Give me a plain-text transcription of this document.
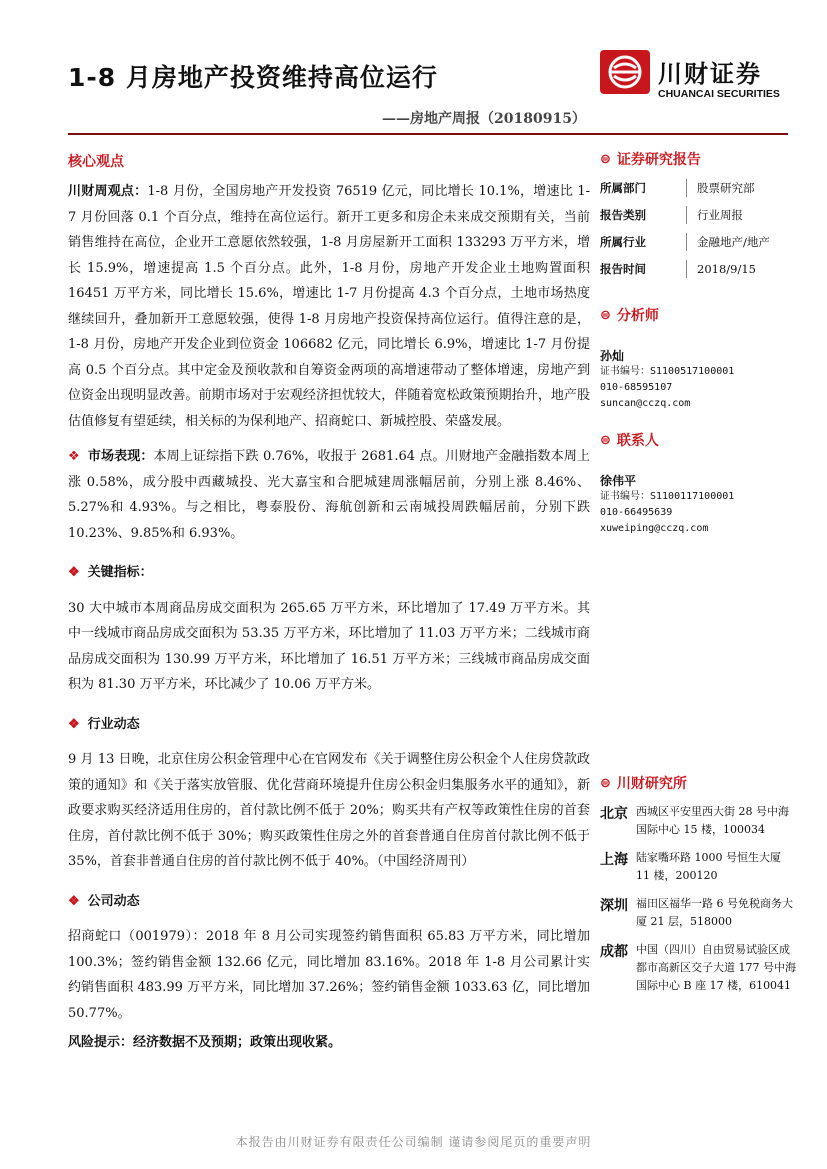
1-8 月房地产投资维持高位运行
——房地产周报（20180915）
川财证券
CHUANCAI SECURITIES
核心观点

川财周观点：1-8 月份，全国房地产开发投资 76519 亿元，同比增长 10.1%，增速比 1-7 月份回落 0.1 个百分点，维持在高位运行。新开工更多和房企未来成交预期有关，当前销售维持在高位，企业开工意愿依然较强，1-8 月房屋新开工面积 133293 万平方米，增长 15.9%，增速提高 1.5 个百分点。此外，1-8 月份，房地产开发企业土地购置面积 16451 万平方米，同比增长 15.6%，增速比 1-7 月份提高 4.3 个百分点，土地市场热度继续回升，叠加新开工意愿较强，使得 1-8 月房地产投资保持高位运行。值得注意的是，1-8 月份，房地产开发企业到位资金 106682 亿元，同比增长 6.9%，增速比 1-7 月份提高 0.5 个百分点。其中定金及预收款和自筹资金两项的高增速带动了整体增速，房地产到位资金出现明显改善。前期市场对于宏观经济担忧较大，伴随着宽松政策预期抬升，地产股估值修复有望延续，相关标的为保利地产、招商蛇口、新城控股、荣盛发展。

❖ 市场表现：本周上证综指下跌 0.76%，收报于 2681.64 点。川财地产金融指数本周上涨 0.58%，成分股中西藏城投、光大嘉宝和合肥城建周涨幅居前，分别上涨 8.46%、5.27%和 4.93%。与之相比，粤泰股份、海航创新和云南城投周跌幅居前，分别下跌 10.23%、9.85%和 6.93%。

❖ 关键指标：

30 大中城市本周商品房成交面积为 265.65 万平方米，环比增加了 17.49 万平方米。其中一线城市商品房成交面积为 53.35 万平方米，环比增加了 11.03 万平方米；二线城市商品房成交面积为 130.99 万平方米，环比增加了 16.51 万平方米；三线城市商品房成交面积为 81.30 万平方米，环比减少了 10.06 万平方米。

❖ 行业动态

9 月 13 日晚，北京住房公积金管理中心在官网发布《关于调整住房公积金个人住房贷款政策的通知》和《关于落实放管服、优化营商环境提升住房公积金归集服务水平的通知》，新政要求购买经济适用住房的，首付款比例不低于 20%；购买共有产权等政策性住房的首套住房，首付款比例不低于 30%；购买政策性住房之外的首套普通自住房首付款比例不低于 35%，首套非普通自住房的首付款比例不低于 40%。（中国经济周刊）

❖ 公司动态

招商蛇口（001979）：2018 年 8 月公司实现签约销售面积 65.83 万平方米，同比增加 100.3%；签约销售金额 132.66 亿元，同比增加 83.16%。2018 年 1-8 月公司累计实约销售面积 483.99 万平方米，同比增加 37.26%；签约销售金额 1033.63 亿，同比增加 50.77%。

风险提示：经济数据不及预期；政策出现收紧。
⊜ 证券研究报告
所属部门	股票研究部
报告类别	行业周报
所属行业	金融地产/地产
报告时间	2018/9/15
⊜ 分析师
孙灿
证书编号：S1100517100001
010-68595107
suncan@cczq.com
⊜ 联系人
徐伟平
证书编号：S1100117100001
010-66495639
xuweiping@cczq.com
⊜ 川财研究所
北京 西城区平安里西大街 28 号中海国际中心 15 楼，100034
上海 陆家嘴环路 1000 号恒生大厦 11 楼，200120
深圳 福田区福华一路 6 号免税商务大厦 21 层，518000
成都 中国（四川）自由贸易试验区成都市高新区交子大道 177 号中海国际中心 B 座 17 楼，610041
本报告由川财证券有限责任公司编制 谨请参阅尾页的重要声明
